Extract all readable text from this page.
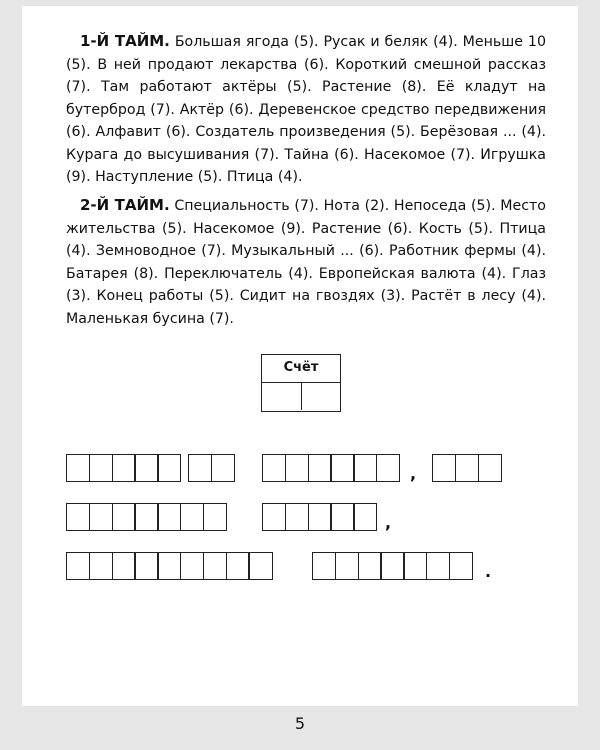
1-Й ТАЙМ. Большая ягода (5). Русак и беляк (4). Меньше 10 (5). В ней продают лекарства (6). Короткий смешной рассказ (7). Там работают актёры (5). Растение (8). Её кладут на бутерброд (7). Актёр (6). Деревенское средство передвижения (6). Алфавит (6). Создатель произведения (5). Берёзовая ... (4). Курага до высушивания (7). Тайна (6). Насекомое (7). Игрушка (9). Наступление (5). Птица (4).

2-Й ТАЙМ. Специальность (7). Нота (2). Непоседа (5). Место жительства (5). Насекомое (9). Растение (6). Кость (5). Птица (4). Земноводное (7). Музыкальный ... (6). Работник фермы (4). Батарея (8). Переключатель (4). Европейская валюта (4). Глаз (3). Конец работы (5). Сидит на гвоздях (3). Растёт в лесу (4). Маленькая бусина (7).

Счёт
,
,
.
5
